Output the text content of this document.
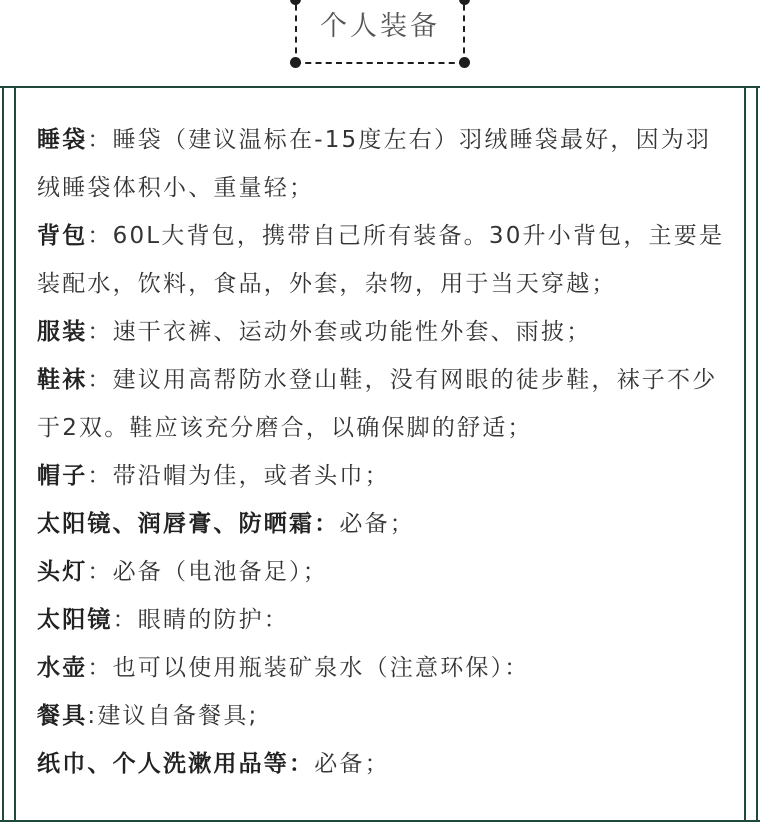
个人装备

睡袋：睡袋（建议温标在-15度左右）羽绒睡袋最好，因为羽绒睡袋体积小、重量轻；

背包：60L大背包，携带自己所有装备。30升小背包，主要是装配水，饮料，食品，外套，杂物，用于当天穿越；

服装：速干衣裤、运动外套或功能性外套、雨披；

鞋袜：建议用高帮防水登山鞋，没有网眼的徒步鞋，袜子不少于2双。鞋应该充分磨合，以确保脚的舒适；

帽子：带沿帽为佳，或者头巾；

太阳镜、润唇膏、防晒霜：必备；

头灯：必备（电池备足）；

太阳镜：眼睛的防护：

水壶：也可以使用瓶装矿泉水（注意环保）：

餐具:建议自备餐具;

纸巾、个人洗漱用品等：必备；
